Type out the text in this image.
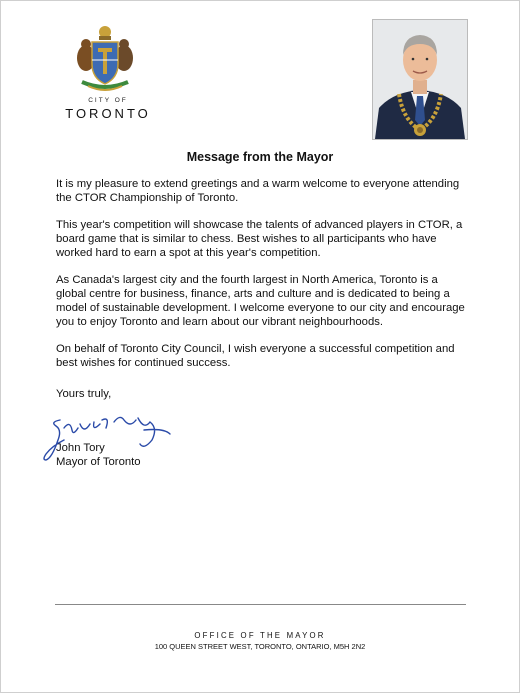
CITY OF
TORONTO
Message from the Mayor

It is my pleasure to extend greetings and a warm welcome to everyone attending the CTOR Championship of Toronto.

This year's competition will showcase the talents of advanced players in CTOR, a board game that is similar to chess. Best wishes to all participants who have worked hard to earn a spot at this year's competition.

As Canada's largest city and the fourth largest in North America, Toronto is a global centre for business, finance, arts and culture and is dedicated to being a model of sustainable development. I welcome everyone to our city and encourage you to enjoy Toronto and learn about our vibrant neighbourhoods.

On behalf of Toronto City Council, I wish everyone a successful competition and best wishes for continued success.

Yours truly,
John Tory
Mayor of Toronto
OFFICE OF THE MAYOR
100 QUEEN STREET WEST, TORONTO, ONTARIO, M5H 2N2
